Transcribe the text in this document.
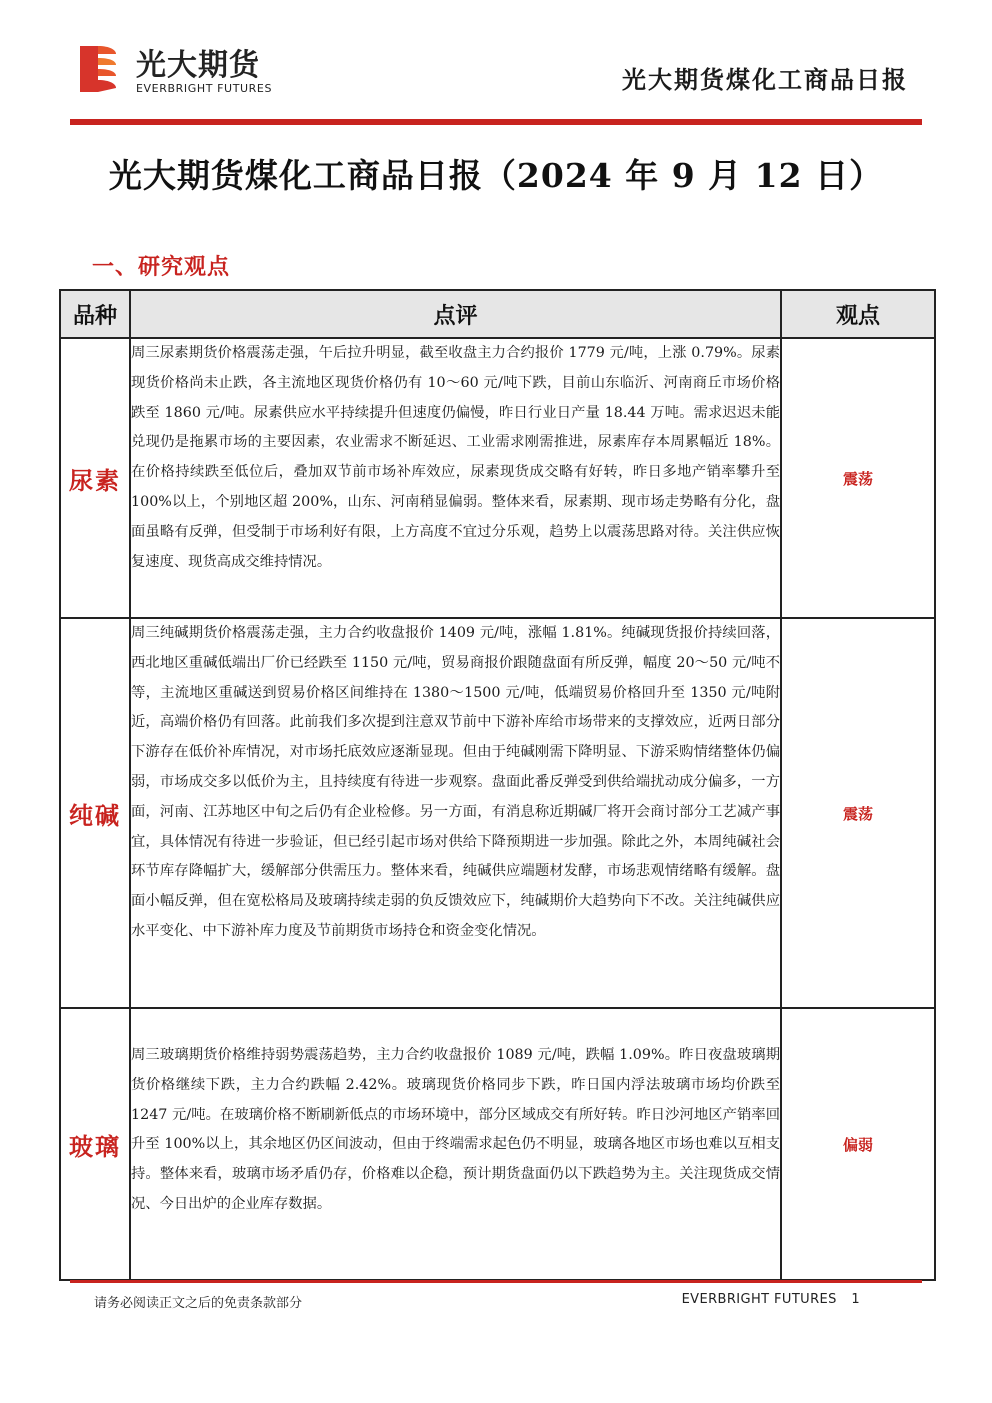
光大期货
EVERBRIGHT FUTURES	光大期货煤化工商品日报
光大期货煤化工商品日报（2024 年 9 月 12 日）
一、研究观点
品种	点评	观点
尿素	周三尿素期货价格震荡走强，午后拉升明显，截至收盘主力合约报价 1779 元/吨，上涨 0.79%。尿素现货价格尚未止跌，各主流地区现货价格仍有 10～60 元/吨下跌，目前山东临沂、河南商丘市场价格跌至 1860 元/吨。尿素供应水平持续提升但速度仍偏慢，昨日行业日产量 18.44 万吨。需求迟迟未能兑现仍是拖累市场的主要因素，农业需求不断延迟、工业需求刚需推进，尿素库存本周累幅近 18%。在价格持续跌至低位后，叠加双节前市场补库效应，尿素现货成交略有好转，昨日多地产销率攀升至 100%以上，个别地区超 200%，山东、河南稍显偏弱。整体来看，尿素期、现市场走势略有分化，盘面虽略有反弹，但受制于市场利好有限，上方高度不宜过分乐观，趋势上以震荡思路对待。关注供应恢复速度、现货高成交维持情况。	震荡
纯碱	周三纯碱期货价格震荡走强，主力合约收盘报价 1409 元/吨，涨幅 1.81%。纯碱现货报价持续回落，西北地区重碱低端出厂价已经跌至 1150 元/吨，贸易商报价跟随盘面有所反弹，幅度 20～50 元/吨不等，主流地区重碱送到贸易价格区间维持在 1380～1500 元/吨，低端贸易价格回升至 1350 元/吨附近，高端价格仍有回落。此前我们多次提到注意双节前中下游补库给市场带来的支撑效应，近两日部分下游存在低价补库情况，对市场托底效应逐渐显现。但由于纯碱刚需下降明显、下游采购情绪整体仍偏弱，市场成交多以低价为主，且持续度有待进一步观察。盘面此番反弹受到供给端扰动成分偏多，一方面，河南、江苏地区中旬之后仍有企业检修。另一方面，有消息称近期碱厂将开会商讨部分工艺减产事宜，具体情况有待进一步验证，但已经引起市场对供给下降预期进一步加强。除此之外，本周纯碱社会环节库存降幅扩大，缓解部分供需压力。整体来看，纯碱供应端题材发酵，市场悲观情绪略有缓解。盘面小幅反弹，但在宽松格局及玻璃持续走弱的负反馈效应下，纯碱期价大趋势向下不改。关注纯碱供应水平变化、中下游补库力度及节前期货市场持仓和资金变化情况。	震荡
玻璃	周三玻璃期货价格维持弱势震荡趋势，主力合约收盘报价 1089 元/吨，跌幅 1.09%。昨日夜盘玻璃期货价格继续下跌，主力合约跌幅 2.42%。玻璃现货价格同步下跌，昨日国内浮法玻璃市场均价跌至 1247 元/吨。在玻璃价格不断刷新低点的市场环境中，部分区域成交有所好转。昨日沙河地区产销率回升至 100%以上，其余地区仍区间波动，但由于终端需求起色仍不明显，玻璃各地区市场也难以互相支持。整体来看，玻璃市场矛盾仍存，价格难以企稳，预计期货盘面仍以下跌趋势为主。关注现货成交情况、今日出炉的企业库存数据。	偏弱
请务必阅读正文之后的免责条款部分	EVERBRIGHT FUTURES 1
